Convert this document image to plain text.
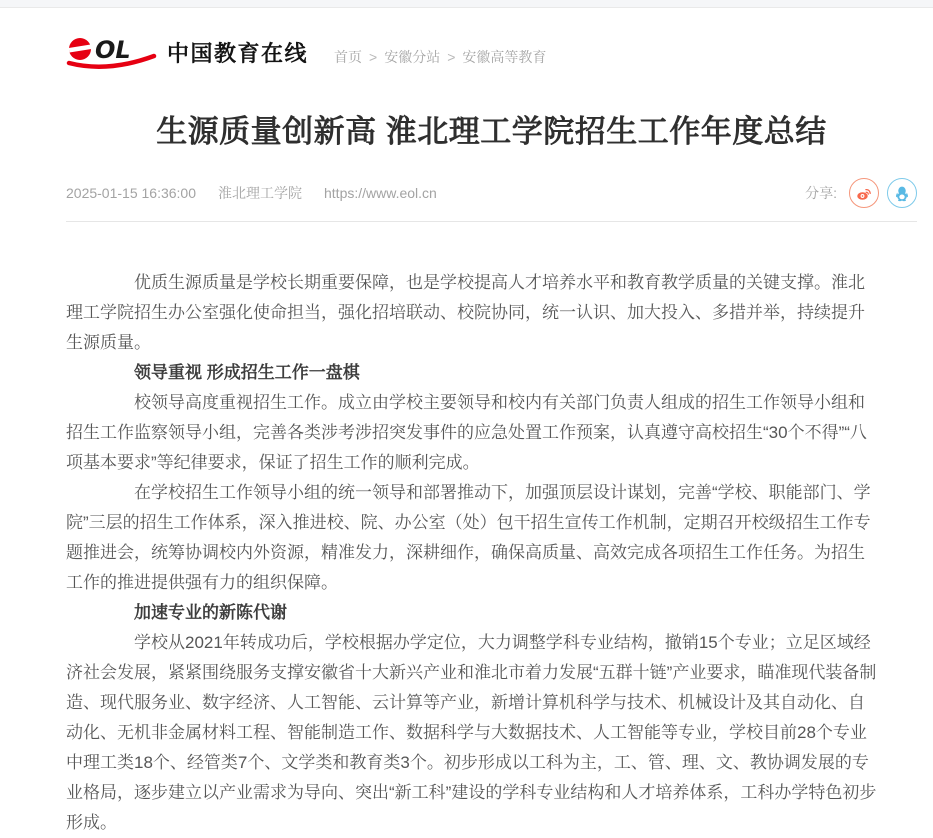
OL 中国教育在线 首页 > 安徽分站 > 安徽高等教育
生源质量创新高 淮北理工学院招生工作年度总结
2025-01-15 16:36:00 淮北理工学院 https://www.eol.cn	分享:

优质生源质量是学校长期重要保障，也是学校提高人才培养水平和教育教学质量的关键支撑。淮北理工学院招生办公室强化使命担当，强化招培联动、校院协同，统一认识、加大投入、多措并举，持续提升生源质量。

领导重视 形成招生工作一盘棋

校领导高度重视招生工作。成立由学校主要领导和校内有关部门负责人组成的招生工作领导小组和招生工作监察领导小组，完善各类涉考涉招突发事件的应急处置工作预案，认真遵守高校招生“30个不得”“八项基本要求”等纪律要求，保证了招生工作的顺利完成。

在学校招生工作领导小组的统一领导和部署推动下，加强顶层设计谋划，完善“学校、职能部门、学院”三层的招生工作体系，深入推进校、院、办公室（处）包干招生宣传工作机制，定期召开校级招生工作专题推进会，统筹协调校内外资源，精准发力，深耕细作，确保高质量、高效完成各项招生工作任务。为招生工作的推进提供强有力的组织保障。

加速专业的新陈代谢

学校从2021年转成功后，学校根据办学定位，大力调整学科专业结构，撤销15个专业；立足区域经济社会发展，紧紧围绕服务支撑安徽省十大新兴产业和淮北市着力发展“五群十链”产业要求，瞄准现代装备制造、现代服务业、数字经济、人工智能、云计算等产业，新增计算机科学与技术、机械设计及其自动化、自动化、无机非金属材料工程、智能制造工作、数据科学与大数据技术、人工智能等专业，学校目前28个专业中理工类18个、经管类7个、文学类和教育类3个。初步形成以工科为主，工、管、理、文、教协调发展的专业格局，逐步建立以产业需求为导向、突出“新工科”建设的学科专业结构和人才培养体系，工科办学特色初步形成。
